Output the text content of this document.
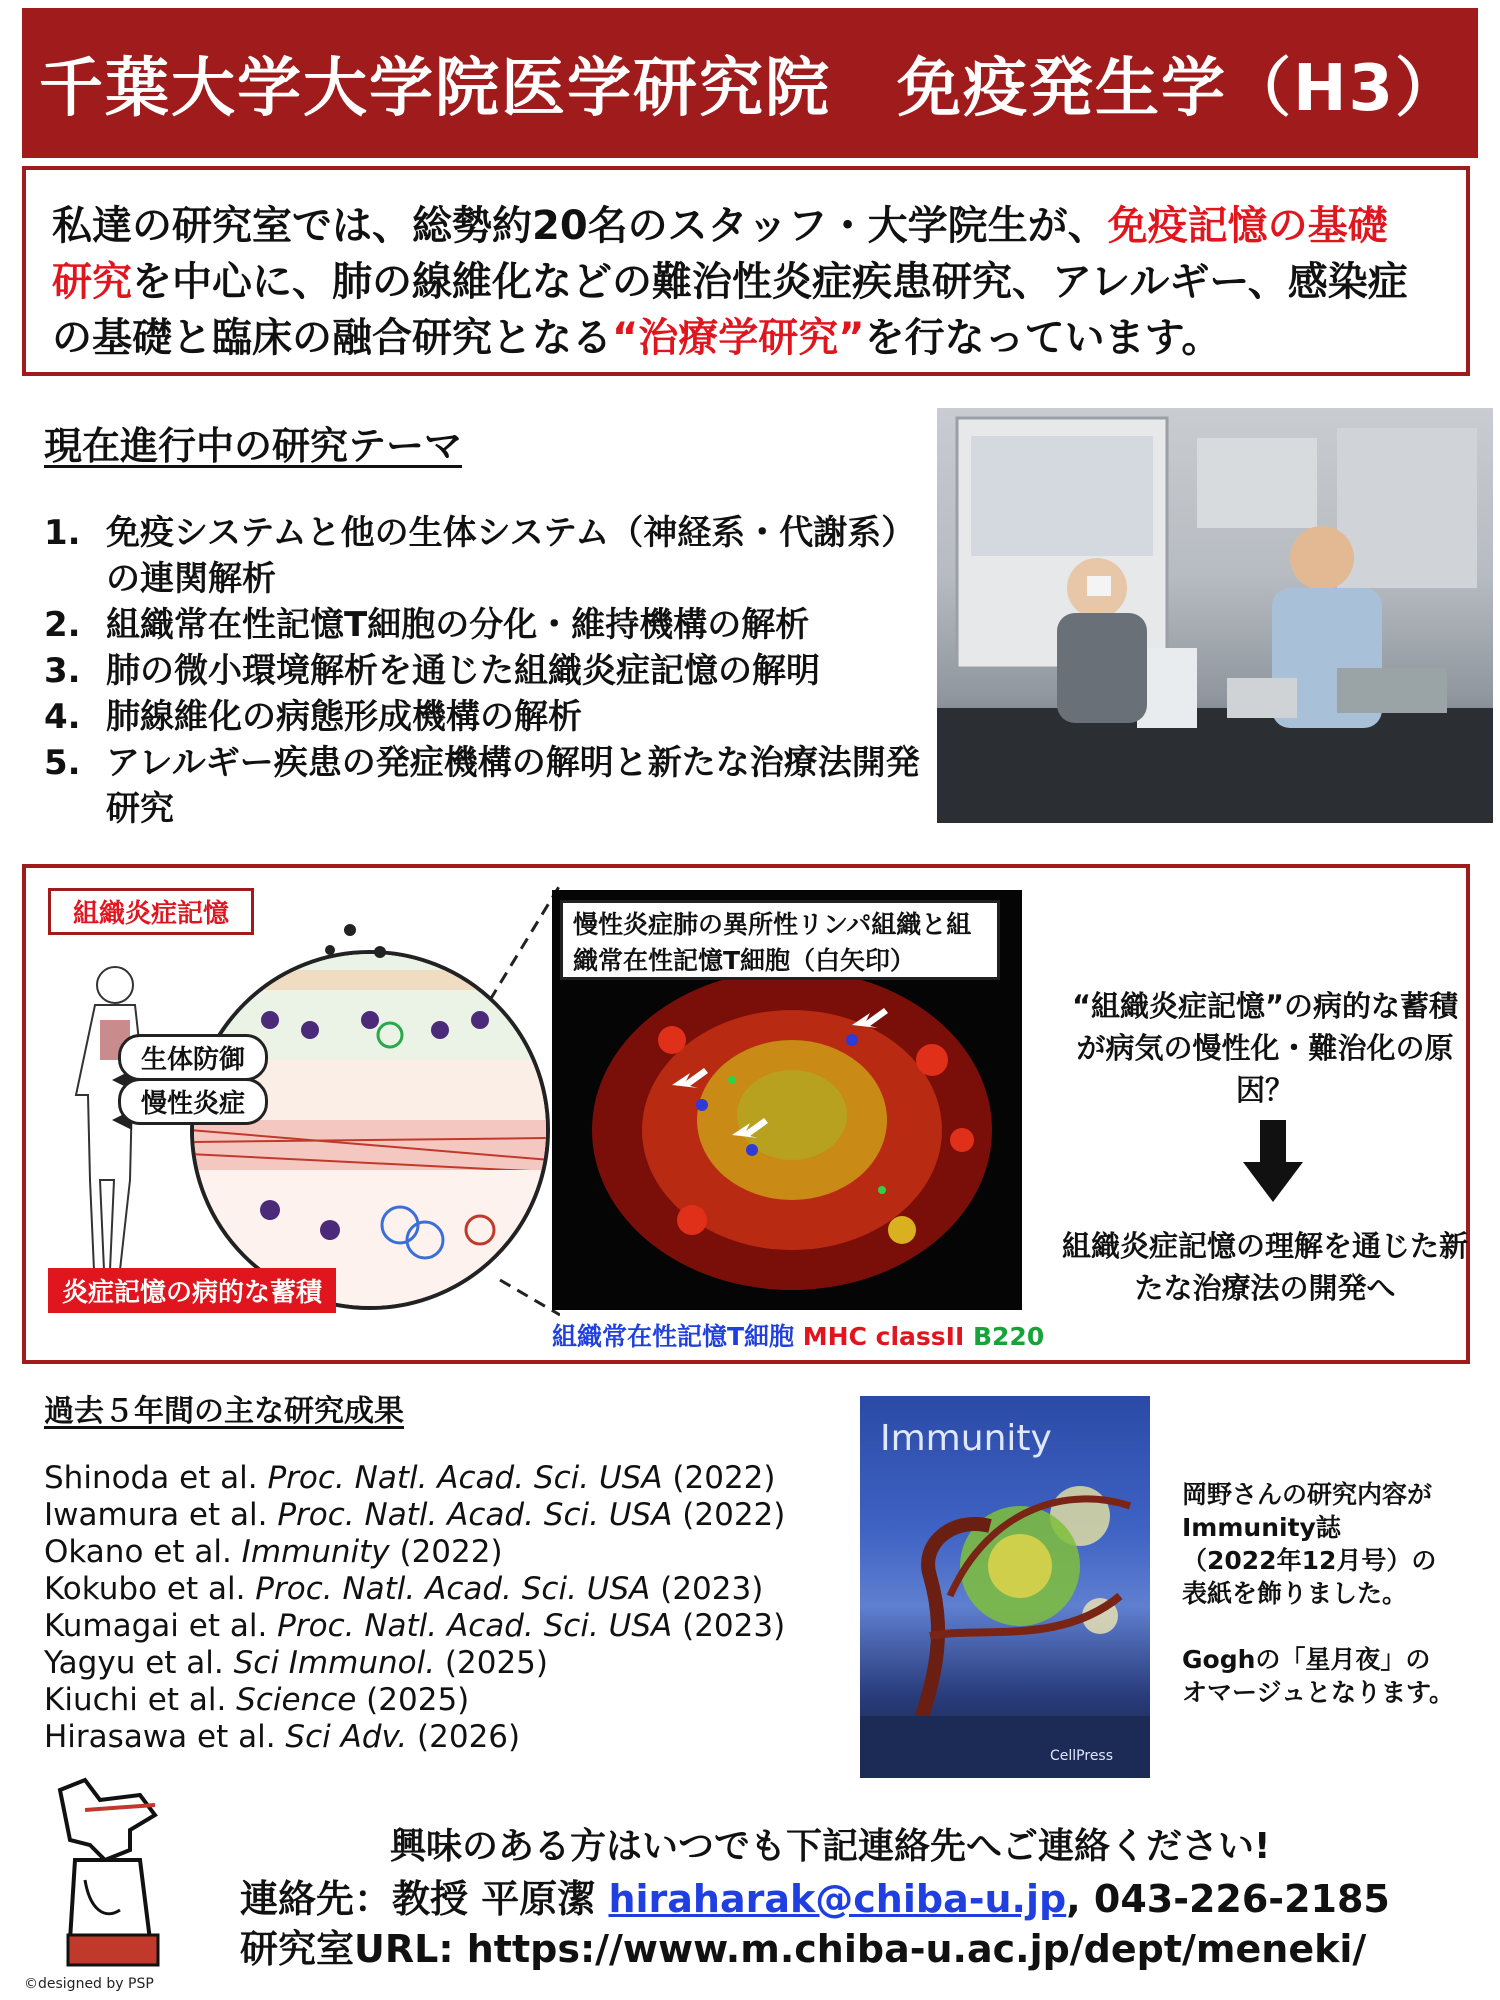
千葉大学大学院医学研究院　免疫発生学（H3）

私達の研究室では、総勢約20名のスタッフ・大学院生が、免疫記憶の基礎
研究を中心に、肺の線維化などの難治性炎症疾患研究、アレルギー、感染症
の基礎と臨床の融合研究となる“治療学研究”を行なっています。

現在進行中の研究テーマ
1. 免疫システムと他の生体システム（神経系・代謝系）の連関解析
2. 組織常在性記憶T細胞の分化・維持機構の解析
3. 肺の微小環境解析を通じた組織炎症記憶の解明
4. 肺線維化の病態形成機構の解析
5. アレルギー疾患の発症機構の解明と新たな治療法開発研究
組織炎症記憶
生体防御
慢性炎症
炎症記憶の病的な蓄積
慢性炎症肺の異所性リンパ組織と組織常在性記憶T細胞（白矢印）
組織常在性記憶T細胞 MHC classII B220
“組織炎症記憶”の病的な蓄積が病気の慢性化・難治化の原因？
組織炎症記憶の理解を通じた新たな治療法の開発へ
過去５年間の主な研究成果
Shinoda et al. Proc. Natl. Acad. Sci. USA (2022)
Iwamura et al. Proc. Natl. Acad. Sci. USA (2022)
Okano et al. Immunity (2022)
Kokubo et al. Proc. Natl. Acad. Sci. USA (2023)
Kumagai et al. Proc. Natl. Acad. Sci. USA (2023)
Yagyu et al. Sci Immunol. (2025)
Kiuchi et al. Science (2025)
Hirasawa et al. Sci Adv. (2026)
Immunity
CellPress
岡野さんの研究内容が
Immunity誌
（2022年12月号）の
表紙を飾りました。
Goghの「星月夜」の
オマージュとなります。
興味のある方はいつでも下記連絡先へご連絡ください!
連絡先：教授 平原潔 hiraharak@chiba-u.jp, 043-226-2185
研究室URL: https://www.m.chiba-u.ac.jp/dept/meneki/
©designed by PSP
